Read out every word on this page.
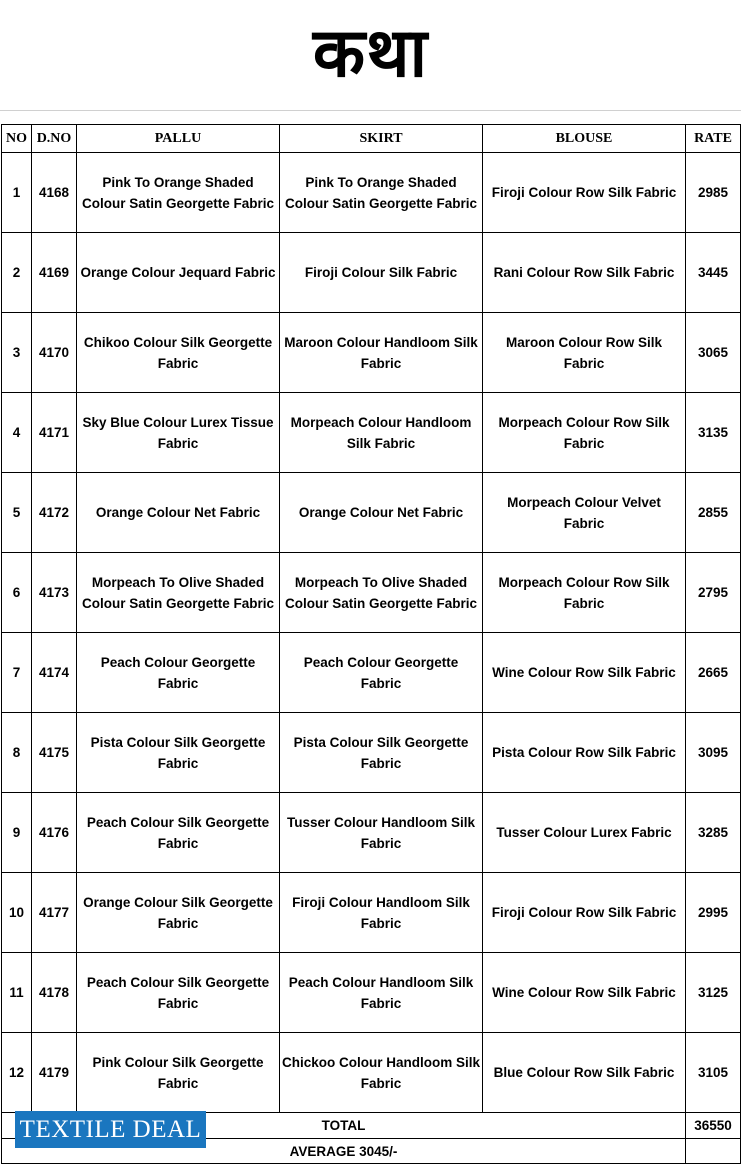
कथा
NO	D.NO	PALLU	SKIRT	BLOUSE	RATE
1	4168	Pink To Orange Shaded Colour Satin Georgette Fabric	Pink To Orange Shaded Colour Satin Georgette Fabric	Firoji Colour Row Silk Fabric	2985
2	4169	Orange Colour Jequard Fabric	Firoji Colour Silk Fabric	Rani Colour Row Silk Fabric	3445
3	4170	Chikoo Colour Silk Georgette Fabric	Maroon Colour Handloom Silk Fabric	Maroon Colour Row Silk Fabric	3065
4	4171	Sky Blue Colour Lurex Tissue Fabric	Morpeach Colour Handloom Silk Fabric	Morpeach Colour Row Silk Fabric	3135
5	4172	Orange Colour Net Fabric	Orange Colour Net Fabric	Morpeach Colour Velvet Fabric	2855
6	4173	Morpeach To Olive Shaded Colour Satin Georgette Fabric	Morpeach To Olive Shaded Colour Satin Georgette Fabric	Morpeach Colour Row Silk Fabric	2795
7	4174	Peach Colour Georgette Fabric	Peach Colour Georgette Fabric	Wine Colour Row Silk Fabric	2665
8	4175	Pista Colour Silk Georgette Fabric	Pista Colour Silk Georgette Fabric	Pista Colour Row Silk Fabric	3095
9	4176	Peach Colour Silk Georgette Fabric	Tusser Colour Handloom Silk Fabric	Tusser Colour Lurex Fabric	3285
10	4177	Orange Colour Silk Georgette Fabric	Firoji Colour Handloom Silk Fabric	Firoji Colour Row Silk Fabric	2995
11	4178	Peach Colour Silk Georgette Fabric	Peach Colour Handloom Silk Fabric	Wine Colour Row Silk Fabric	3125
12	4179	Pink Colour Silk Georgette Fabric	Chickoo Colour Handloom Silk Fabric	Blue Colour Row Silk Fabric	3105
TOTAL					36550
AVERAGE 3045/-					
TEXTILE DEAL
